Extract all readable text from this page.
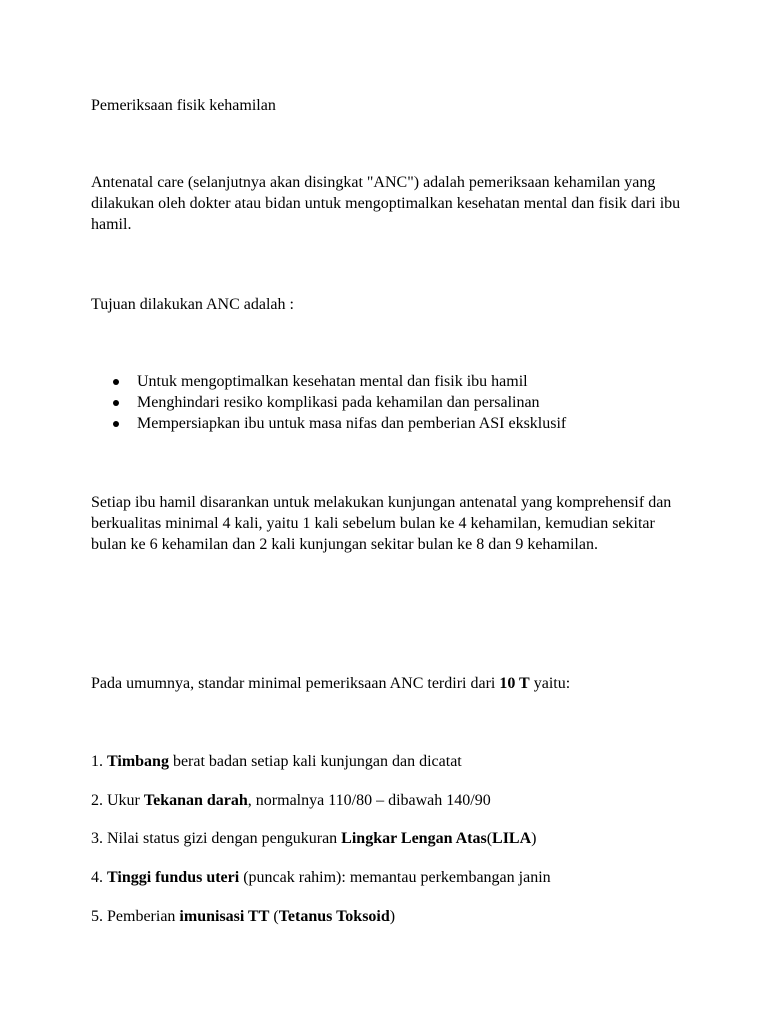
Pemeriksaan fisik kehamilan

Antenatal care (selanjutnya akan disingkat "ANC") adalah pemeriksaan kehamilan yang dilakukan oleh dokter atau bidan untuk mengoptimalkan kesehatan mental dan fisik dari ibu hamil.

Tujuan dilakukan ANC adalah :

Untuk mengoptimalkan kesehatan mental dan fisik ibu hamil
Menghindari resiko komplikasi pada kehamilan dan persalinan
Mempersiapkan ibu untuk masa nifas dan pemberian ASI eksklusif

Setiap ibu hamil disarankan untuk melakukan kunjungan antenatal yang komprehensif dan berkualitas minimal 4 kali, yaitu 1 kali sebelum bulan ke 4 kehamilan, kemudian sekitar bulan ke 6 kehamilan dan 2 kali kunjungan sekitar bulan ke 8 dan 9 kehamilan.

Pada umumnya, standar minimal pemeriksaan ANC terdiri dari 10 T yaitu:

1. Timbang berat badan setiap kali kunjungan dan dicatat

2. Ukur Tekanan darah, normalnya 110/80 – dibawah 140/90

3. Nilai status gizi dengan pengukuran Lingkar Lengan Atas(LILA)

4. Tinggi fundus uteri (puncak rahim): memantau perkembangan janin

5. Pemberian imunisasi TT (Tetanus Toksoid)
